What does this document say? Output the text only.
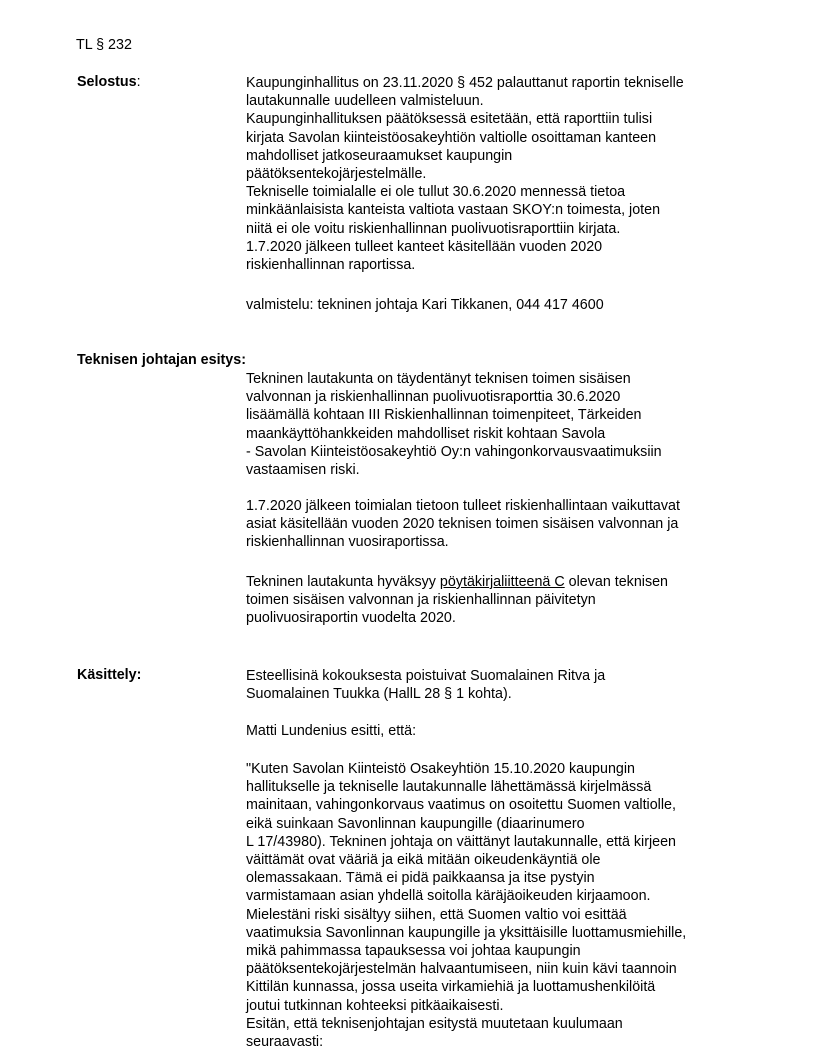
TL § 232
Selostus:	Kaupunginhallitus on 23.11.2020 § 452 palauttanut raportin tekniselle
lautakunnalle uudelleen valmisteluun.
Kaupunginhallituksen päätöksessä esitetään, että raporttiin tulisi
kirjata Savolan kiinteistöosakeyhtiön valtiolle osoittaman kanteen
mahdolliset jatkoseuraamukset kaupungin
päätöksentekojärjestelmälle.
Tekniselle toimialalle ei ole tullut 30.6.2020 mennessä tietoa
minkäänlaisista kanteista valtiota vastaan SKOY:n toimesta, joten
niitä ei ole voitu riskienhallinnan puolivuotisraporttiin kirjata.
1.7.2020 jälkeen tulleet kanteet käsitellään vuoden 2020
riskienhallinnan raportissa.
valmistelu: tekninen johtaja Kari Tikkanen, 044 417 4600
Teknisen johtajan esitys:
Tekninen lautakunta on täydentänyt teknisen toimen sisäisen
valvonnan ja riskienhallinnan puolivuotisraporttia 30.6.2020
lisäämällä kohtaan III Riskienhallinnan toimenpiteet, Tärkeiden
maankäyttöhankkeiden mahdolliset riskit kohtaan Savola
- Savolan Kiinteistöosakeyhtiö Oy:n vahingonkorvausvaatimuksiin
vastaamisen riski.
1.7.2020 jälkeen toimialan tietoon tulleet riskienhallintaan vaikuttavat
asiat käsitellään vuoden 2020 teknisen toimen sisäisen valvonnan ja
riskienhallinnan vuosiraportissa.
Tekninen lautakunta hyväksyy pöytäkirjaliitteenä C olevan teknisen
toimen sisäisen valvonnan ja riskienhallinnan päivitetyn
puolivuosiraportin vuodelta 2020.
Käsittely:	Esteellisinä kokouksesta poistuivat Suomalainen Ritva ja
Suomalainen Tuukka (HallL 28 § 1 kohta).
Matti Lundenius esitti, että:
"Kuten Savolan Kiinteistö Osakeyhtiön 15.10.2020 kaupungin
hallitukselle ja tekniselle lautakunnalle lähettämässä kirjelmässä
mainitaan, vahingonkorvaus vaatimus on osoitettu Suomen valtiolle,
eikä suinkaan Savonlinnan kaupungille (diaarinumero
L 17/43980). Tekninen johtaja on väittänyt lautakunnalle, että kirjeen
väittämät ovat vääriä ja eikä mitään oikeudenkäyntiä ole
olemassakaan. Tämä ei pidä paikkaansa ja itse pystyin
varmistamaan asian yhdellä soitolla käräjäoikeuden kirjaamoon.
Mielestäni riski sisältyy siihen, että Suomen valtio voi esittää
vaatimuksia Savonlinnan kaupungille ja yksittäisille luottamusmiehille,
mikä pahimmassa tapauksessa voi johtaa kaupungin
päätöksentekojärjestelmän halvaantumiseen, niin kuin kävi taannoin
Kittilän kunnassa, jossa useita virkamiehiä ja luottamushenkilöitä
joutui tutkinnan kohteeksi pitkäaikaisesti.
Esitän, että teknisenjohtajan esitystä muutetaan kuulumaan
seuraavasti:
